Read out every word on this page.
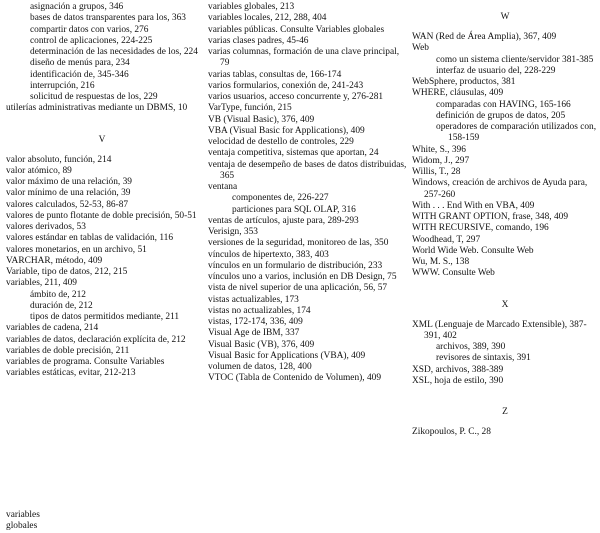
asignación a grupos, 346
bases de datos transparentes para los, 363
compartir datos con varios, 276
control de aplicaciones, 224-225
determinación de las necesidades de los, 224
diseño de menús para, 234
identificación de, 345-346
interrupción, 216
solicitud de respuestas de los, 229
utilerías administrativas mediante un DBMS, 10
V
valor absoluto, función, 214
valor atómico, 89
valor máximo de una relación, 39
valor mínimo de una relación, 39
valores calculados, 52-53, 86-87
valores de punto flotante de doble precisión, 50-51
valores derivados, 53
valores estándar en tablas de validación, 116
valores monetarios, en un archivo, 51
VARCHAR, método, 409
Variable, tipo de datos, 212, 215
variables, 211, 409
ámbito de, 212
duración de, 212
tipos de datos permitidos mediante, 211
variables de cadena, 214
variables de datos, declaración explícita de, 212
variables de doble precisión, 211
variables de programa. Consulte Variables
variables estáticas, evitar, 212-213
variables globales, 213
variables locales, 212, 288, 404
variables públicas. Consulte Variables globales
varias clases padres, 45-46
varias columnas, formación de una clave principal, 79
varias tablas, consultas de, 166-174
varios formularios, conexión de, 241-243
varios usuarios, acceso concurrente y, 276-281
VarType, función, 215
VB (Visual Basic), 376, 409
VBA (Visual Basic for Applications), 409
velocidad de destello de controles, 229
ventaja competitiva, sistemas que aportan, 24
ventaja de desempeño de bases de datos distribuidas, 365
ventana
componentes de, 226-227
particiones para SQL OLAP, 316
ventas de artículos, ajuste para, 289-293
Verisign, 353
versiones de la seguridad, monitoreo de las, 350
vínculos de hipertexto, 383, 403
vínculos en un formulario de distribución, 233
vínculos uno a varios, inclusión en DB Design, 75
vista de nivel superior de una aplicación, 56, 57
vistas actualizables, 173
vistas no actualizables, 174
vistas, 172-174, 336, 409
Visual Age de IBM, 337
Visual Basic (VB), 376, 409
Visual Basic for Applications (VBA), 409
volumen de datos, 128, 400
VTOC (Tabla de Contenido de Volumen), 409
W
WAN (Red de Área Amplia), 367, 409
Web
como un sistema cliente/servidor 381-385
interfaz de usuario del, 228-229
WebSphere, productos, 381
WHERE, cláusulas, 409
comparadas con HAVING, 165-166
definición de grupos de datos, 205
operadores de comparación utilizados con, 158-159
White, S., 396
Widom, J., 297
Willis, T., 28
Windows, creación de archivos de Ayuda para, 257-260
With . . . End With en VBA, 409
WITH GRANT OPTION, frase, 348, 409
WITH RECURSIVE, comando, 196
Woodhead, T, 297
World Wide Web. Consulte Web
Wu, M. S., 138
WWW. Consulte Web
X
XML (Lenguaje de Marcado Extensible), 387-391, 402
archivos, 389, 390
revisores de sintaxis, 391
XSD, archivos, 388-389
XSL, hoja de estilo, 390
Z
Zikopoulos, P. C., 28
variables globales
